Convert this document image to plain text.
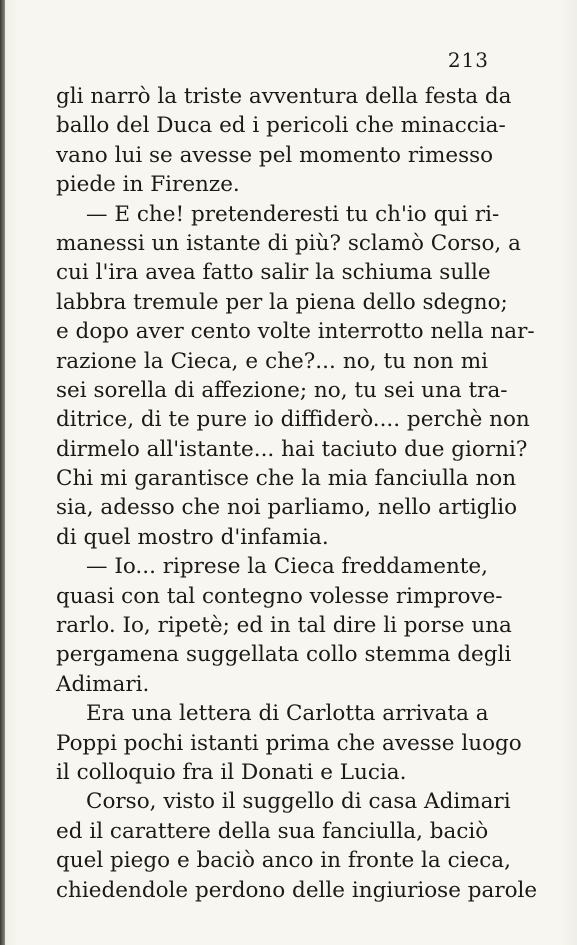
213
gli narrò la triste avventura della festa da
ballo del Duca ed i pericoli che minaccia-
vano lui se avesse pel momento rimesso
piede in Firenze.
— E che! pretenderesti tu ch'io qui ri-
manessi un istante di più? sclamò Corso, a
cui l'ira avea fatto salir la schiuma sulle
labbra tremule per la piena dello sdegno;
e dopo aver cento volte interrotto nella nar-
razione la Cieca, e che?... no, tu non mi
sei sorella di affezione; no, tu sei una tra-
ditrice, di te pure io diffiderò.... perchè non
dirmelo all'istante... hai taciuto due giorni?
Chi mi garantisce che la mia fanciulla non
sia, adesso che noi parliamo, nello artiglio
di quel mostro d'infamia.
— Io... riprese la Cieca freddamente,
quasi con tal contegno volesse rimprove-
rarlo. Io, ripetè; ed in tal dire li porse una
pergamena suggellata collo stemma degli
Adimari.
Era una lettera di Carlotta arrivata a
Poppi pochi istanti prima che avesse luogo
il colloquio fra il Donati e Lucia.
Corso, visto il suggello di casa Adimari
ed il carattere della sua fanciulla, baciò
quel piego e baciò anco in fronte la cieca,
chiedendole perdono delle ingiuriose parole
